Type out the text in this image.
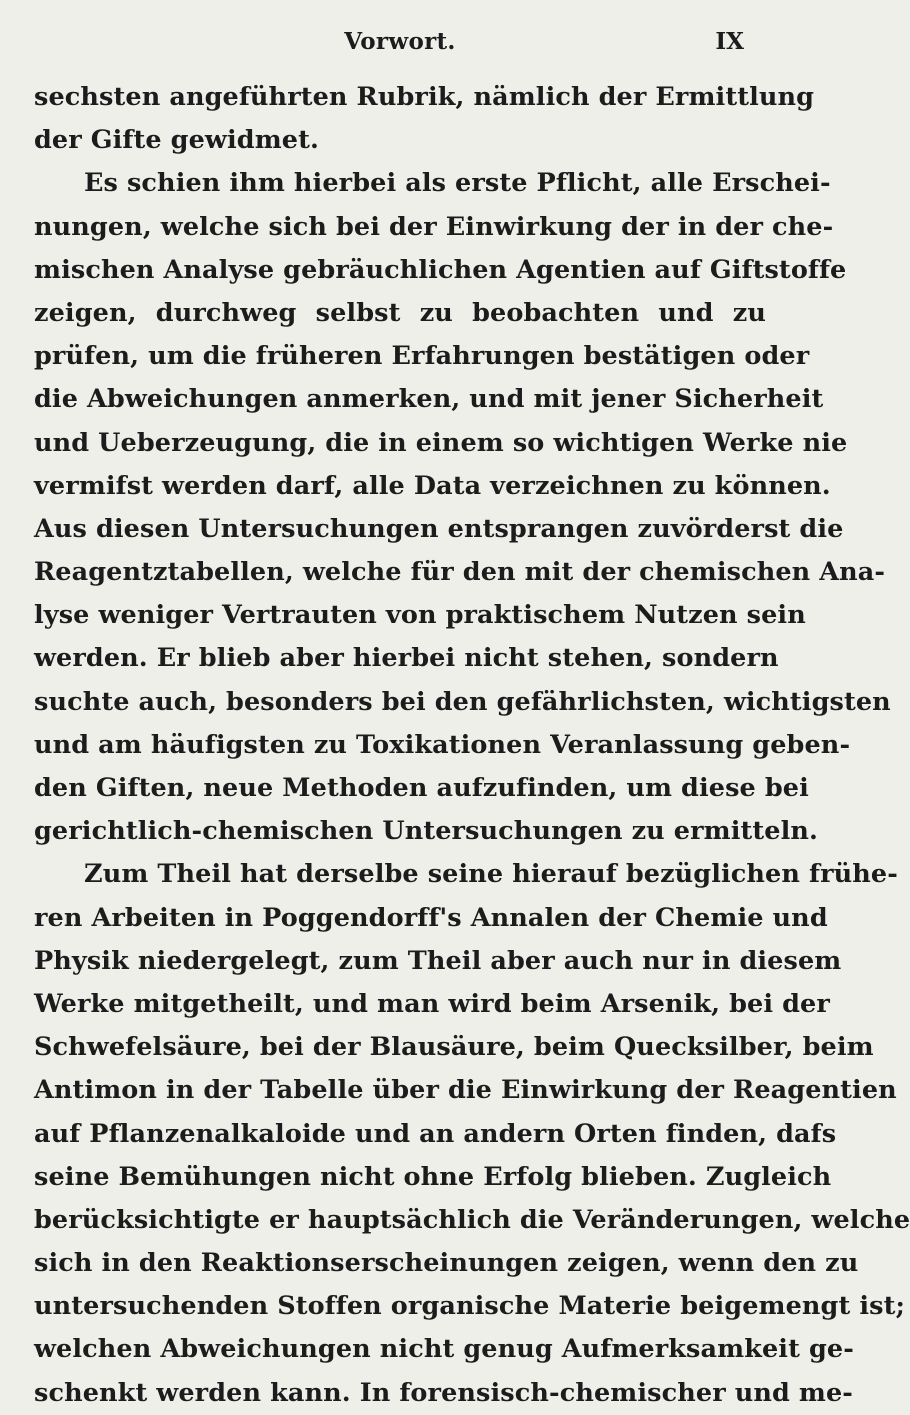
Vorwort.	IX
sechsten angeführten Rubrik, nämlich der Ermittlung
der Gifte gewidmet.
Es schien ihm hierbei als erste Pflicht, alle Erschei-
nungen, welche sich bei der Einwirkung der in der che-
mischen Analyse gebräuchlichen Agentien auf Giftstoffe
zeigen, durchweg selbst zu beobachten und zu
prüfen, um die früheren Erfahrungen bestätigen oder
die Abweichungen anmerken, und mit jener Sicherheit
und Ueberzeugung, die in einem so wichtigen Werke nie
vermifst werden darf, alle Data verzeichnen zu können.
Aus diesen Untersuchungen entsprangen zuvörderst die
Reagentztabellen, welche für den mit der chemischen Ana-
lyse weniger Vertrauten von praktischem Nutzen sein
werden. Er blieb aber hierbei nicht stehen, sondern
suchte auch, besonders bei den gefährlichsten, wichtigsten
und am häufigsten zu Toxikationen Veranlassung geben-
den Giften, neue Methoden aufzufinden, um diese bei
gerichtlich-chemischen Untersuchungen zu ermitteln.
Zum Theil hat derselbe seine hierauf bezüglichen frühe-
ren Arbeiten in Poggendorff's Annalen der Chemie und
Physik niedergelegt, zum Theil aber auch nur in diesem
Werke mitgetheilt, und man wird beim Arsenik, bei der
Schwefelsäure, bei der Blausäure, beim Quecksilber, beim
Antimon in der Tabelle über die Einwirkung der Reagentien
auf Pflanzenalkaloide und an andern Orten finden, dafs
seine Bemühungen nicht ohne Erfolg blieben. Zugleich
berücksichtigte er hauptsächlich die Veränderungen, welche
sich in den Reaktionserscheinungen zeigen, wenn den zu
untersuchenden Stoffen organische Materie beigemengt ist;
welchen Abweichungen nicht genug Aufmerksamkeit ge-
schenkt werden kann. In forensisch-chemischer und me-
